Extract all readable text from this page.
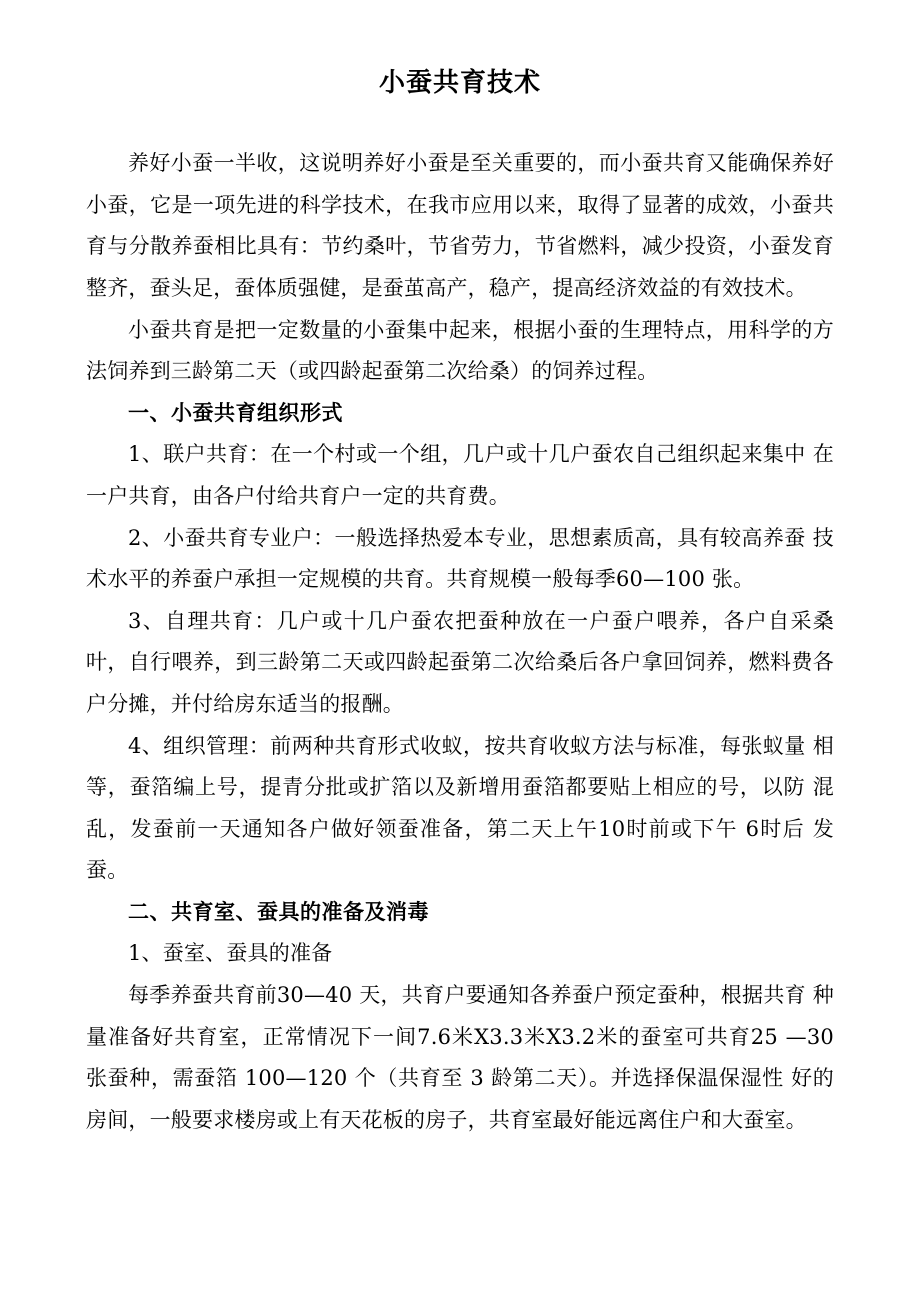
小蚕共育技术

养好小蚕一半收，这说明养好小蚕是至关重要的，而小蚕共育又能确保养好小蚕，它是一项先进的科学技术，在我市应用以来，取得了显著的成效，小蚕共育与分散养蚕相比具有：节约桑叶，节省劳力，节省燃料，减少投资，小蚕发育整齐，蚕头足，蚕体质强健，是蚕茧高产，稳产，提高经济效益的有效技术。

小蚕共育是把一定数量的小蚕集中起来，根据小蚕的生理特点，用科学的方法饲养到三龄第二天（或四龄起蚕第二次给桑）的饲养过程。

一、小蚕共育组织形式

1、联户共育：在一个村或一个组，几户或十几户蚕农自己组织起来集中 在一户共育，由各户付给共育户一定的共育费。

2、小蚕共育专业户：一般选择热爱本专业，思想素质高，具有较高养蚕 技术水平的养蚕户承担一定规模的共育。共育规模一般每季60—100 张。

3、自理共育：几户或十几户蚕农把蚕种放在一户蚕户喂养，各户自采桑叶，自行喂养，到三龄第二天或四龄起蚕第二次给桑后各户拿回饲养，燃料费各户分摊，并付给房东适当的报酬。

4、组织管理：前两种共育形式收蚁，按共育收蚁方法与标准，每张蚁量 相等，蚕箔编上号，提青分批或扩箔以及新增用蚕箔都要贴上相应的号，以防 混乱，发蚕前一天通知各户做好领蚕准备，第二天上午10时前或下午 6时后 发蚕。

二、共育室、蚕具的准备及消毒

1、蚕室、蚕具的准备

每季养蚕共育前30—40 天，共育户要通知各养蚕户预定蚕种，根据共育 种量准备好共育室，正常情况下一间7.6米X3.3米X3.2米的蚕室可共育25 —30 张蚕种，需蚕箔 100—120 个（共育至 3 龄第二天）。并选择保温保湿性 好的房间，一般要求楼房或上有天花板的房子，共育室最好能远离住户和大蚕室。
